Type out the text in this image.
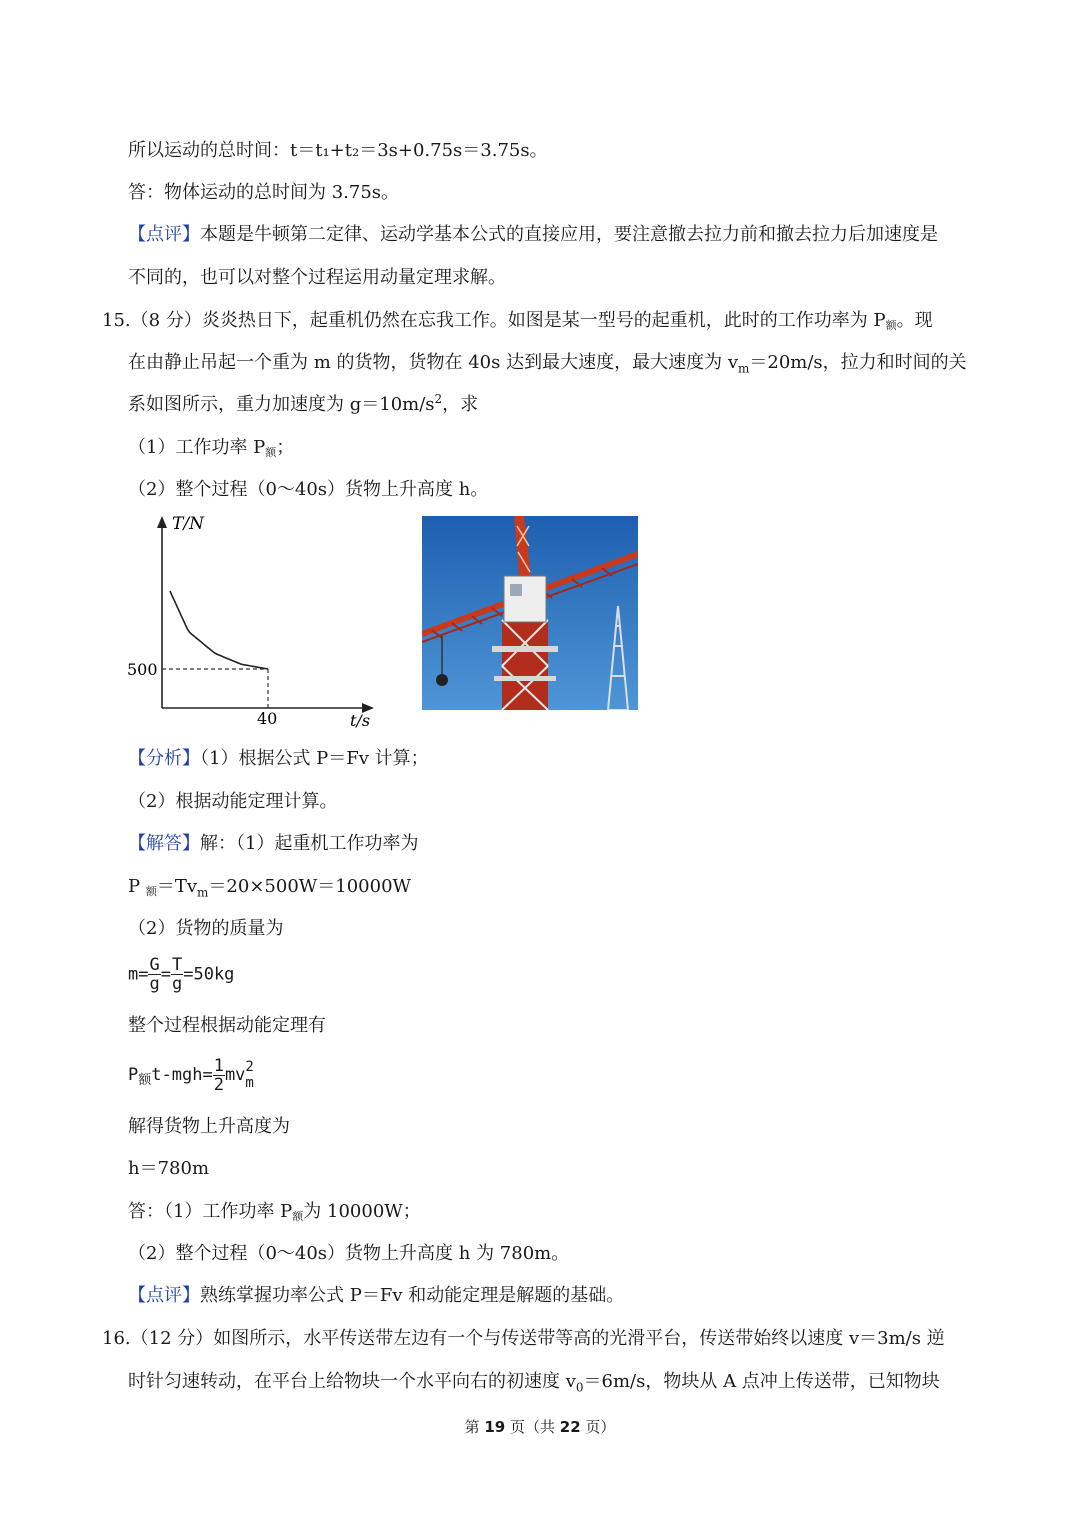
所以运动的总时间：t＝t₁+t₂＝3s+0.75s＝3.75s。
答：物体运动的总时间为 3.75s。
【点评】本题是牛顿第二定律、运动学基本公式的直接应用，要注意撤去拉力前和撤去拉力后加速度是
不同的，也可以对整个过程运用动量定理求解。
15.（8 分）炎炎热日下，起重机仍然在忘我工作。如图是某一型号的起重机，此时的工作功率为 P额。现
在由静止吊起一个重为 m 的货物，货物在 40s 达到最大速度，最大速度为 $v_m=20m/s$，拉力和时间的关
系如图所示，重力加速度为 $g=10m/s^2$，求
（1）工作功率 P额；
（2）整个过程（0～40s）货物上升高度 h。
T/N
t/s
500
40
【分析】（1）根据公式 P＝Fv 计算；
（2）根据动能定理计算。
【解答】解：（1）起重机工作功率为
P 额$=Tv_m=20\times 500W=10000W$
（2）货物的质量为
$m= \frac{G}{g} = \frac{T}{g} =50kg$
整个过程根据动能定理有
$P_额t-mgh= \frac{1}{2}$ mv 2
m
解得货物上升高度为
h＝780m
答：（1）工作功率 P额为 10000W；
（2）整个过程（0～40s）货物上升高度 h 为 780m。
【点评】熟练掌握功率公式 P＝Fv 和动能定理是解题的基础。
16.（12 分）如图所示，水平传送带左边有一个与传送带等高的光滑平台，传送带始终以速度 v＝3m/s 逆
时针匀速转动，在平台上给物块一个水平向右的初速度 $v_0=6m/s$，物块从 A 点冲上传送带，已知物块
第 19 页（共 22 页）
